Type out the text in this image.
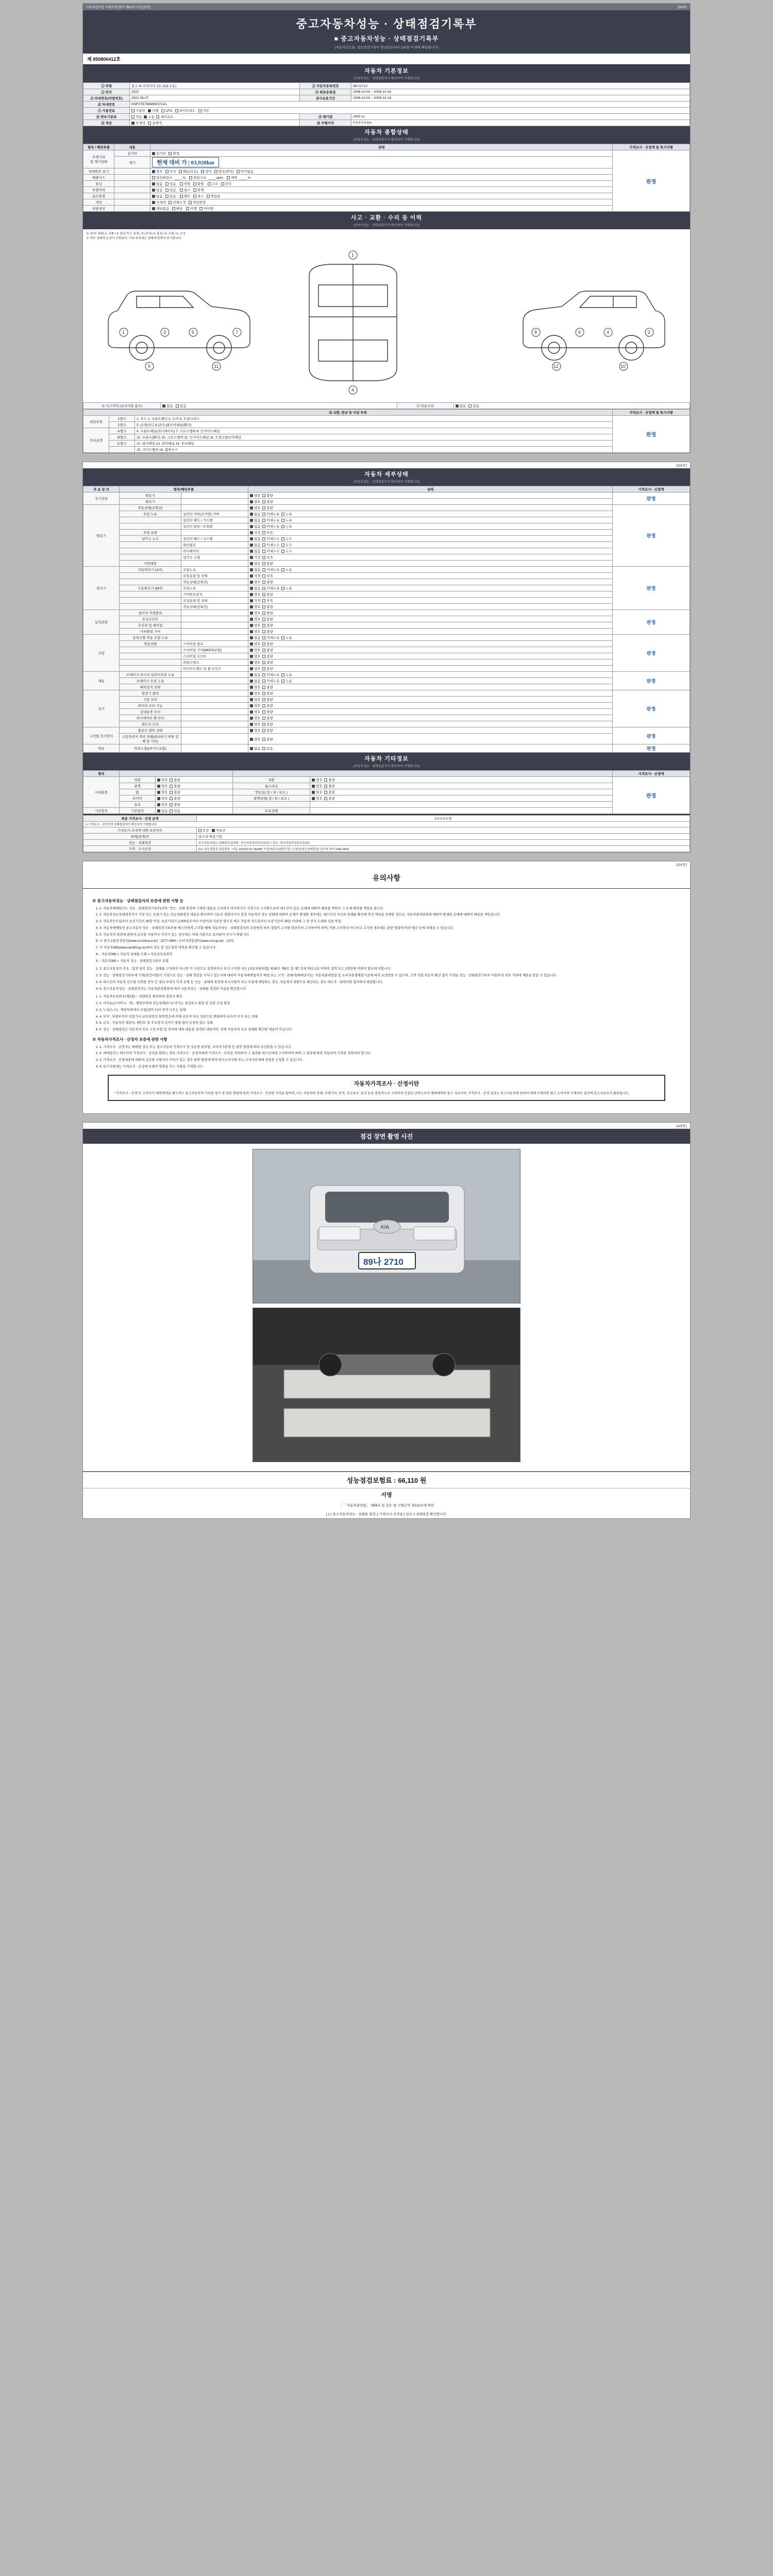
자동차관리법 시행규칙 [별지 제82호서식] (앞쪽)	(3/4쪽)
중고자동차성능 · 상태점검기록부
■ 중고자동차성능 · 상태점검기록부
(자동차인도일: 성능점검기록부 발급일로부터 120일 이내에 해당됩니다)
제 850806412호
자동차 기본정보
(자동차성능 · 상태점검자가 확인하여 기재합니다)
① 차명	봉고 III 프런티어 1톤 (4륜구동)	② 자동차등록번호	89나2710
② 연식	2022	④ 최초등록일	2008-10-00 ~ 2008-10-19
⑤ 차대번호(차량번호)	2021-09-07	검사유효기간	2008-10-00 ~ 2008-10-19
⑥ 차대번호	KNFSTE788M5K5721A		
⑦ 사용연료	가솔린 디젤 LPG 하이브리드 기타		
⑧ 변속기종류	자동 수동 세미오토	⑨ 배기량	2400 cc
⑪ 색상	무채색 유채색	⑩ 주행거리	0 0 0 0 0 km
자동차 종합상태
(자동차성능 · 상태점검자가 확인하여 기재합니다)
항목 / 해당부품	내용	상태	가격조사 · 산정액 및 특기사항
주행거리
및 계기상태	실거리	실거리   변경	판정

	계기	현재 대비 가 | 03,920km	
차대번호 표기		양호   부식   훼손(오손)   상이   변조(변타)   타각없음	
배출가스		일산화탄소  ____ %    탄화수소  ____ ppm    매연  ____ %	
튜닝		없음   있음    적법   불법    구조   장치	
특별이력		없음   있음    침수   화재	
용도변경		없음   있음    렌트   리스   영업용	
색상		무채색   전체도색   색상변경	
리콜대상		해당없음   해당    이행   미이행	
사고 · 교환 · 수리 등 이력
(자동차성능 · 상태점검자가 확인하여 기재합니다)
※ (외부 외판) 1: 교환 / 2: 판금 또는 용접 / 3: (부식) 4: 흠집 / 5: 요철 / 6: 손상
※ 하부 상태에 손상이 기록되어, 기타 위치에는 상태에 한하여 표시합니다.
1	3	5	7
9	11
2
4
6
8
10
12
1
4
⑫ 사고이력 (유의사항 참조)	없음 있음	⑬ 단순수리	없음 있음
⑭ 교환, 판금 등 이상 부위			가격조사 · 산정액 및 특기사항
외판부위	1랭크	1. 후드 2. 프론트펜더 3. 도어 4. 트렁크리드	판정
	2랭크	5. (2개)라디 6.(좌우)플로어패널(휀더)	
주요골격	A랭크	9. 프론트패널(라디에이터) 7. 크로스멤버 8. 인사이드패널	
	B랭크	10. 프론트(휀더) 10. 크로스멤버 11. 인사이드패널 11. 트렁크플로어패널	
	C랭크	12. 필러패널 13. 리어패널 14. 루프패널	
		15. 사이드멤버 16. 휠하우스	
(3/4쪽)
자동차 세부상태
(자동차성능 · 상태점검자가 확인하여 기재합니다)
주 요 장 치	항목/해당부품		상태	가격조사 · 산정액
자기진단	원동기		양호 불량	판정
	변속기		양호 불량	
원동기	작동상태(공회전)		양호 불량	판정
	오일 누유	실린더 커버(로커암) 커버	없음 미세누유 누유	
		실린더 헤드 / 가스켓	없음 미세누유 누유	
		실린더 블록 / 오일팬	없음 미세누유 누유	
	오일 유량		적정 부족	
	냉각수 누수	실린더 헤드 / 가스켓	없음 미세누수 누수	
		워터펌프	없음 미세누수 누수	
		라디에이터	없음 미세누수 누수	
		냉각수 수량	적정 부족	
	커먼레일		양호 불량	
변속기	자동변속기 (A/T)	오일누유	없음 미세누유 누유	판정
		오일유량 및 상태	적정 부족	
		작동상태(공회전)	양호 불량	
	수동변속기 (M/T)	오일누유	없음 미세누유 누유	
		기어변속장치	양호 불량	
		오일유량 및 상태	적정 부족	
		작동상태(공회전)	양호 불량	
동력전달	클러치 어셈블리		양호 불량	판정
	등속조인트		양호 불량	
	추진축 및 베어링		양호 불량	
	디퍼렌셜 기어		양호 불량	
조향	동력조향 작동 오일 누유		없음 미세누유 누유	판정
	작동상태	스티어링 펌프	양호 불량	
		스티어링 기어(MDPS포함)	양호 불량	
		스티어링 조인트	양호 불량	
		파워크랭크	양호 불량	
		타이로드엔드 및 볼 조인트	양호 불량	
제동	브레이크 마스터 실린더오일 누유		없음 미세누유 누유	판정
	브레이크 오일 누유		없음 미세누유 누유	
	배력장치 상태		양호 불량	
전기	발전기 출력		양호 불량	판정
	시동 모터		양호 불량	
	와이퍼 모터 기능		양호 불량	
	실내송풍 모터		양호 불량	
	라디에이터 팬 모터		양호 불량	
	윈도우 모터		양호 불량	
고전원 전기장치	충전구 절연 상태		양호 불량	판정
	구동축전지 격리 상태(관리하기 위한 밀폐 및 기타)		양호 불량	
연료	연료누출(LP가스포함)		없음 있음	판정
자동차 기타정보
(자동차성능 · 상태점검자가 확인하여 기재합니다)
항목					가격조사 · 산정액
사내용품	외관	양호 불량	내관	양호 불량	판정
	광택	양호 불량	룸크리닝	양호 불량	
	휠	양호 불량	연료실( 앞 / 뒤 / 보조 )	양호 불량	
	타이어	양호 불량	광택상태( 앞 / 뒤 / 보조 )	양호 불량	
	유리	양호 불량			
기본품목	기본품목	없음 있음	보유상태		
최종 가격조사 · 산정 금액	0 0 0 0 0 원
※ 가격조사 · 산정가격 상태점검자가 확인하여 기재합니다.	
가격조사·산정에 대한 보증여부	보증 미보증
판매(중개)자	중고차 매집기업
성능 · 상태점검	중고자동차성능·상태점검 업체명 : 한국자동차진단보증(주) / 상호 : 한국자동차진단보증(주)
가격 · 조사산정	GJ / 성능점검료 납입일자 : 자동 2011/02-01-059487 사업자(주소)담당기관 / 신청인(성능상태점검) 검사자 역자 1646-3903
(3/4쪽)
유의사항
※ 중고자동차성능 · 상태점검자의 보증에 관한 사항 등
1. 1. 자동차매매업자는 성능 · 상태점검기록부(이하 "성능 · 상태 점검에 기재한 내용을 고지하지 아니하거나 거짓으로 고지할으로써 매수인이 입은 손해에 대하여 배상할 책임이 그 손해 배상할 책임을 집니다.
2. 2. 자동차성능상태점검자가 거짓 또는 오류가 있는 성능상태점검 내용을 확인하여 다음의 생겼다거나 점검 자동차의 성능·상태에 대하여 손해가 발생한 경우에는 매수인의 자신과 상태를 확인해 작성 책임을 진행한 것으로, 자동차관리법령에 대하여 발생한 손해에 대하여 배상을 책임집니다.
3. 3. 자동차인도일부터 보증기간이 30일 이상, 보증거리가 2,000킬로미터 이상이라 다른만 양으로 매수 자동차 인도일부터 보증기간이 30일 이내에 그 중 먼저 도래한 것을 뜻함.
4. 4. 자동차매매업자 중고자동차 성능 · 상태점검기록부를 매수인에게 고지할 때에 자동차성능 · 상태점검자의 보증범위 외의 결함이 고지를 알려주어 고지하여야 하며, 이를 고지하지 아니하고 고지한 경우에는 관련 법령에 따라 벌금 등에 처해질 수 있습니다.
5. 5. 자동차의 점검에 관하여 궁금한 사항이나 이의가 있는 경우에는 아래 기관으로 문의하여 주시기 바랍니다.
6. ※ 한국교통안전공단(www.cs.kotsa.or.kr) : 1577-0990 / 소비자상담센터(www.ccn.go.kr) : 1372
7. ※ 자동차365(www.car365.go.kr)에서 성능 및 성능점검 내역을 확인할 수 있습니다.
8. - 자동차365 > 자동차 실매물 조회 > 자동차등록번호
9. - 자동차365 > 자동차 성능 · 상태점검기록부 조회
1. 2. 중고자동차의 주요 · 압착 항목 성능 · 상태를 고지하지 아니한 거 거짓으로 점검하거나 부가 고지한 자는 [자동차관리법] 제 80조 제6호 및 제7 호에 따라 2년 이하의 징역 또는 2천만원 이하의 벌금에 처합니다.
2. 3. 성능 · 상태점검기록부에 기재(점검사항)가 거짓으로 성능 · 상태 점검을 가지고 있는지에 대하여 자동차매매업자가 배상 또는 고객 · 판매자(매매상사)는 자동차관리법령 및 소비자분쟁해결기준에 따라 보상받을 수 있으며, 고객 직접 자동차 확인 없이 거짓된 성능 · 상태점검기록부 미첨부의 경우 거래에 제한을 받을 수 있습니다.
3. 4. 매수인이 자동차 인도를 지연한 경우 등 결과 부여지 목적 손해 등 성능 · 상태에 점검에 표시사항이 아닌 부분에 해당하는 경우, 자동차의 제원으로 확인되는 경우 매도자 · 판매사와 협의하여 해결합니다.
4. 5. 중고자동차성능 · 상태점검자는 자동차관리법령에 따라 자동차성능 · 상태를 점검한 사실을 확인합니다.
1. 1. 자동차등록번호(제2항) ~ 차량번호 확인하여 점검자 확인
2. 2. 이리농(소지아시 · 차) : 해당부위에 성능상태(표시) 마치는 점검표시 불량 및 전문 신청 현상
3. 3. 누유(누수) : 해당부위에서 오일(냉각수)이 번져 나오는 상태
4. 4. 부식 : 차량부식이 되었거나 금속표면의 화학반응에 의해 금속이 아닌 성분으로 변화하여 금속이 부식 되는 상태
5. 5. 금속 : 자동차의 철판의, 페인트 및 주요장치 길이가 불량 없이 온전히 있는 상태
6. 6. 성능 · 상태점검은 자동차의 주요 구성 부품 및 장치에 대한 내용을 점검한 내용이며, 전체 자동차의 모든 상태를 확인한 내용이 아닙니다.
※ 자동차가격조사 · 산정자 보증에 관한 사항
1. 1. 가격조사 · 산정자는 매매업 상응 또는 중고자동차 가격조사 및 상응한 관리법, 소비자기본법 등 관련 법령에 따라 보상받을 수 있습니다.
2. 2. 매매업자는 매수인이 가격조사 · 산정을 원하는 경우 가격조사 · 산정자에게 가격조사 · 산정을 의뢰하여 그 결과를 매수인에게 고지하여야 하며 그 결과에 따라 자동차의 가격을 정하여야 합니다.
3. 3. 가격조사 · 산정내용에 대하여 궁금한 사항이나 이의가 있는 경우 관련 법령에 따라 한국소비자원 또는 소비자단체에 상담을 신청할 수 있습니다.
4. 4. 특기사항에는 가격조사 · 산정에 특별히 영향을 주는 사항을 기재합니다.
자동차가격조사 · 산정이란
"가격조사 · 산정"은 소비자가 매매계약을 맺으려는 중고자동차의 가치를 평가 및 관련 법령에 따라 가격조사 · 산정한 가격을 말하며, 이는 자동차의 상태, 주행거리, 연식, 사고유무, 옵션 등을 종합적으로 고려하여 산출된 금액으로서 매매계약의 참고 자료이며, 가격조사 · 산정 결과는 중고자동차에 관하여 매매 구매하면 많고 소비자의 구매여부 결정에 참고자료로서 활용됩니다.
(4/4쪽)
점검 장면 촬영 사진
KIA
89나 2710
성능점검보험료 : 66,110 원
서명
「 「자동차관리법」 제58조 및 같은 법 시행규칙 제120조에 따라
[ 1 ] 중고자동차성능 · 상태를 점검, [ 가격조사·산정을 ] 성능 1 상태점검 확인합니다.
